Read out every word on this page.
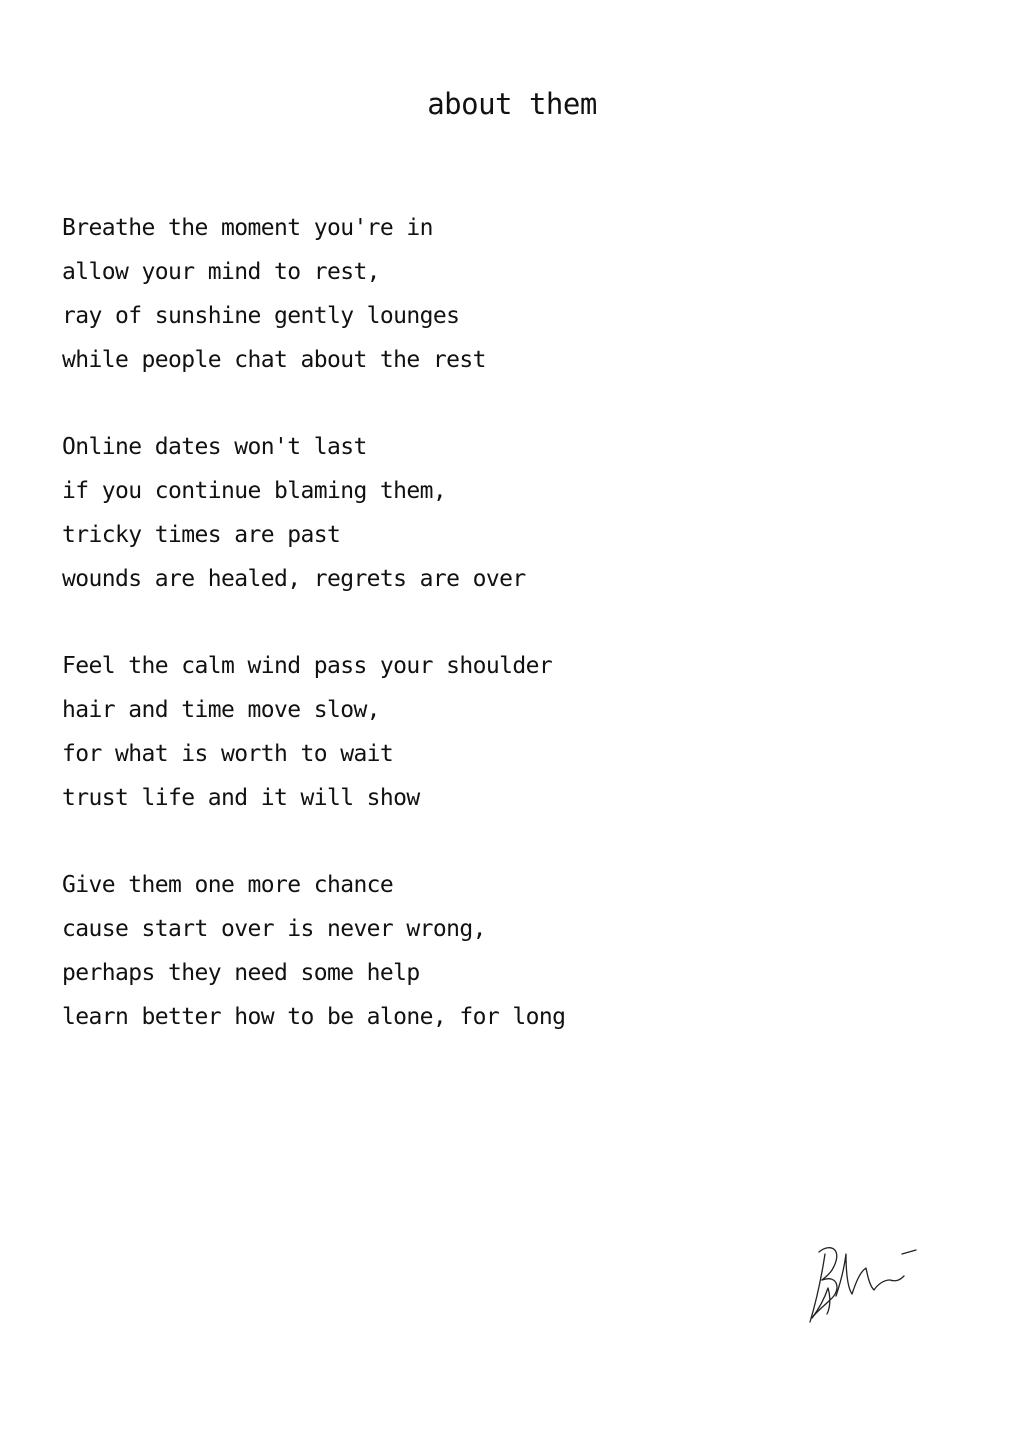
about them
Breathe the moment you're in
allow your mind to rest,
ray of sunshine gently lounges
while people chat about the rest
Online dates won't last
if you continue blaming them,
tricky times are past
wounds are healed, regrets are over
Feel the calm wind pass your shoulder
hair and time move slow,
for what is worth to wait
trust life and it will show
Give them one more chance
cause start over is never wrong,
perhaps they need some help
learn better how to be alone, for long
